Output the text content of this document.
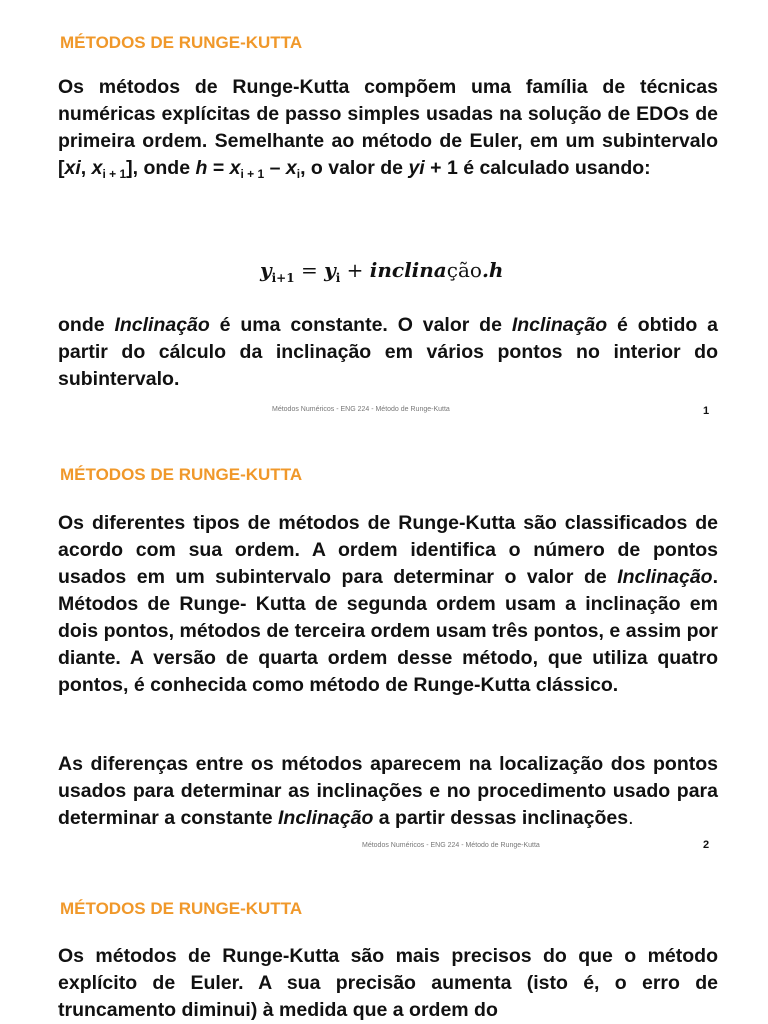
MÉTODOS DE RUNGE-KUTTA
Os métodos de Runge-Kutta compõem uma família de técnicas numéricas explícitas de passo simples usadas na solução de EDOs de primeira ordem. Semelhante ao método de Euler, em um subintervalo [xi, $x_{i + 1}$], onde $h = x_{i + 1} - x_i$, o valor de yi + 1 é calculado usando:
$y_{i+1} = y_i$ + inclinação.h
onde Inclinação é uma constante. O valor de Inclinação é obtido a partir do cálculo da inclinação em vários pontos no interior do subintervalo.
Métodos Numéricos - ENG 224 - Método de Runge-Kutta	1
MÉTODOS DE RUNGE-KUTTA
Os diferentes tipos de métodos de Runge-Kutta são classificados de acordo com sua ordem. A ordem identifica o número de pontos usados em um subintervalo para determinar o valor de Inclinação. Métodos de Runge- Kutta de segunda ordem usam a inclinação em dois pontos, métodos de terceira ordem usam três pontos, e assim por diante. A versão de quarta ordem desse método, que utiliza quatro pontos, é conhecida como método de Runge-Kutta clássico.
As diferenças entre os métodos aparecem na localização dos pontos usados para determinar as inclinações e no procedimento usado para determinar a constante Inclinação a partir dessas inclinações.
Métodos Numéricos - ENG 224 - Método de Runge-Kutta	2
MÉTODOS DE RUNGE-KUTTA
Os métodos de Runge-Kutta são mais precisos do que o método explícito de Euler. A sua precisão aumenta (isto é, o erro de truncamento diminui) à medida que a ordem do
